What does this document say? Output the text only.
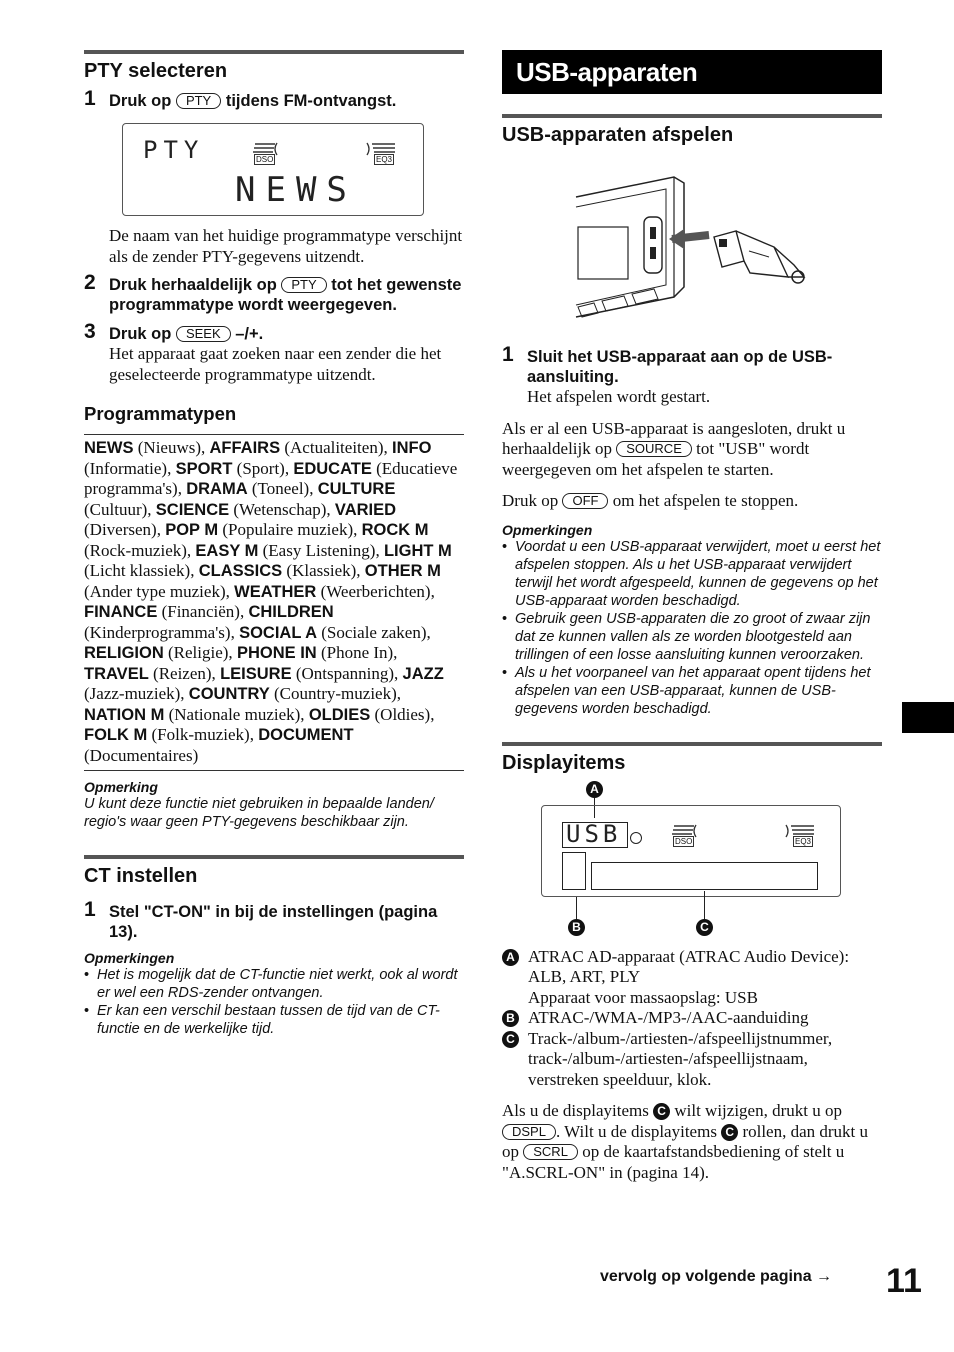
PTY selecteren
1 Druk op PTY tijdens FM-ontvangst.
PTY	DSO	EQ3
NEWS
De naam van het huidige programmatype verschijnt als de zender PTY-gegevens uitzendt.
2 Druk herhaaldelijk op PTY tot het gewenste programmatype wordt weergegeven.
3 Druk op SEEK –/+.
Het apparaat gaat zoeken naar een zender die het geselecteerde programmatype uitzendt.
Programmatypen
NEWS (Nieuws), AFFAIRS (Actualiteiten), INFO (Informatie), SPORT (Sport), EDUCATE (Educatieve programma's), DRAMA (Toneel), CULTURE (Cultuur), SCIENCE (Wetenschap), VARIED (Diversen), POP M (Populaire muziek), ROCK M (Rock-muziek), EASY M (Easy Listening), LIGHT M (Licht klassiek), CLASSICS (Klassiek), OTHER M (Ander type muziek), WEATHER (Weerberichten), FINANCE (Financiën), CHILDREN (Kinderprogramma's), SOCIAL A (Sociale zaken), RELIGION (Religie), PHONE IN (Phone In), TRAVEL (Reizen), LEISURE (Ontspanning), JAZZ (Jazz-muziek), COUNTRY (Country-muziek), NATION M (Nationale muziek), OLDIES (Oldies), FOLK M (Folk-muziek), DOCUMENT (Documentaires)
Opmerking
U kunt deze functie niet gebruiken in bepaalde landen/ regio's waar geen PTY-gegevens beschikbaar zijn.
CT instellen
1 Stel "CT-ON" in bij de instellingen (pagina 13).
Opmerkingen
• Het is mogelijk dat de CT-functie niet werkt, ook al wordt er wel een RDS-zender ontvangen.
• Er kan een verschil bestaan tussen de tijd van de CT-functie en de werkelijke tijd.
USB-apparaten
USB-apparaten afspelen
1 Sluit het USB-apparaat aan op de USB-aansluiting.
Het afspelen wordt gestart.
Als er al een USB-apparaat is aangesloten, drukt u herhaaldelijk op SOURCE tot "USB" wordt weergegeven om het afspelen te starten.
Druk op OFF om het afspelen te stoppen.
Opmerkingen
• Voordat u een USB-apparaat verwijdert, moet u eerst het afspelen stoppen. Als u het USB-apparaat verwijdert terwijl het wordt afgespeeld, kunnen de gegevens op het USB-apparaat worden beschadigd.
• Gebruik geen USB-apparaten die zo groot of zwaar zijn dat ze kunnen vallen als ze worden blootgesteld aan trillingen of een losse aansluiting kunnen veroorzaken.
• Als u het voorpaneel van het apparaat opent tijdens het afspelen van een USB-apparaat, kunnen de USB-gegevens worden beschadigd.
Displayitems
A
USB	DSO	EQ3
B	C
A ATRAC AD-apparaat (ATRAC Audio Device): ALB, ART, PLY
Apparaat voor massaopslag: USB
B ATRAC-/WMA-/MP3-/AAC-aanduiding
C Track-/album-/artiesten-/afspeellijstnummer, track-/album-/artiesten-/afspeellijstnaam, verstreken speelduur, klok.
Als u de displayitems C wilt wijzigen, drukt u op DSPL . Wilt u de displayitems C rollen, dan drukt u op SCRL op de kaartafstandsbediening of stelt u "A.SCRL-ON" in (pagina 14).
vervolg op volgende pagina → 11
